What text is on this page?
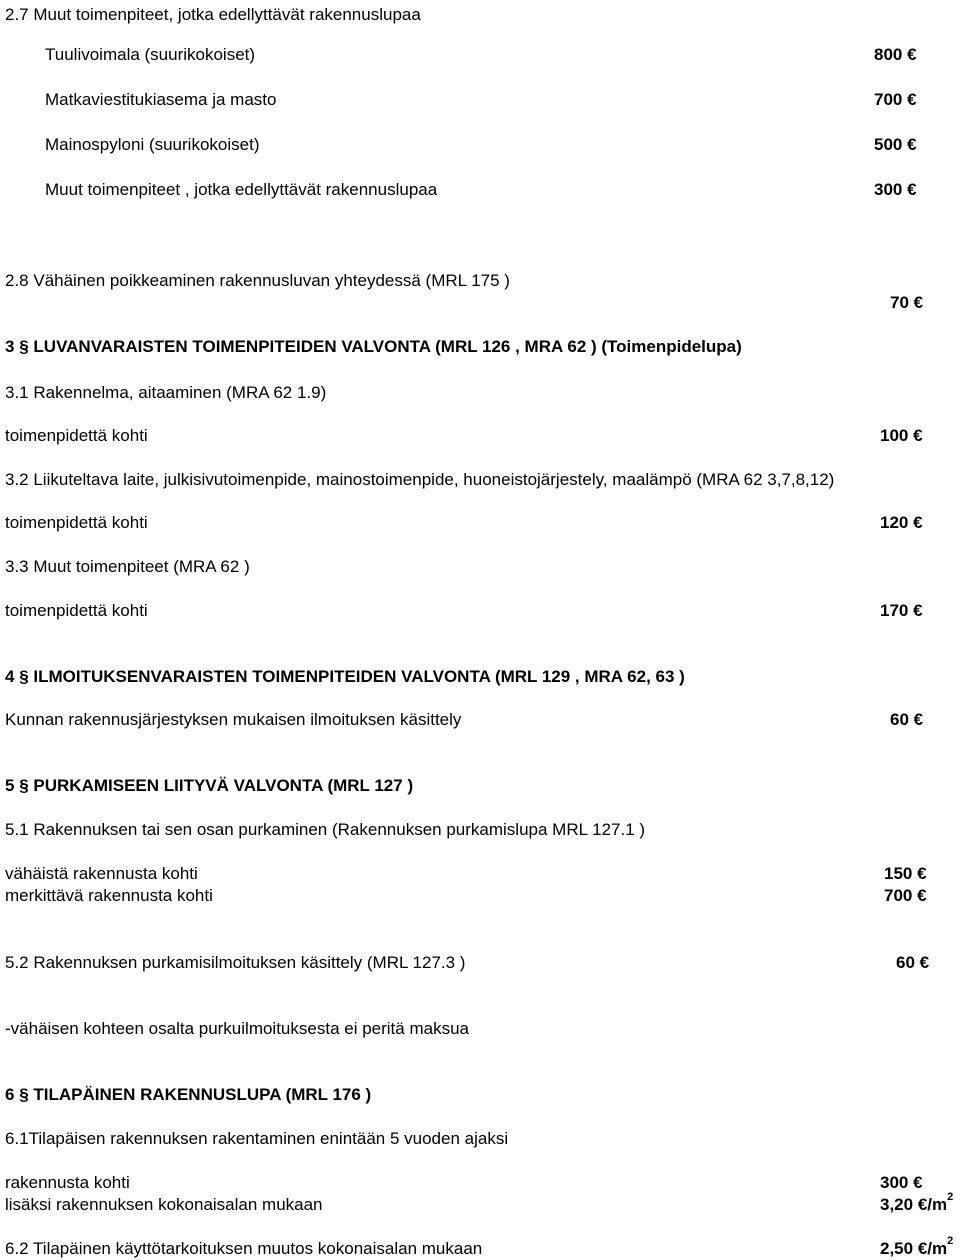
2.7 Muut toimenpiteet, jotka edellyttävät rakennuslupaa
Tuulivoimala (suurikokoiset)	800 €
Matkaviestitukiasema ja masto	700 €
Mainospyloni (suurikokoiset)	500 €
Muut toimenpiteet , jotka edellyttävät rakennuslupaa	300 €
2.8 Vähäinen poikkeaminen rakennusluvan yhteydessä (MRL 175 )
70 €
3 § LUVANVARAISTEN TOIMENPITEIDEN VALVONTA (MRL 126 , MRA 62 ) (Toimenpidelupa)
3.1 Rakennelma, aitaaminen (MRA 62 1.9)
toimenpidettä kohti	100 €
3.2 Liikuteltava laite, julkisivutoimenpide, mainostoimenpide, huoneistojärjestely, maalämpö (MRA 62 3,7,8,12)
toimenpidettä kohti	120 €
3.3 Muut toimenpiteet (MRA 62 )
toimenpidettä kohti	170 €
4 § ILMOITUKSENVARAISTEN TOIMENPITEIDEN VALVONTA (MRL 129 , MRA 62, 63 )
Kunnan rakennusjärjestyksen mukaisen ilmoituksen käsittely	60 €
5 § PURKAMISEEN LIITYVÄ VALVONTA (MRL 127 )
5.1 Rakennuksen tai sen osan purkaminen (Rakennuksen purkamislupa MRL 127.1 )
vähäistä rakennusta kohti	150 €
merkittävä rakennusta kohti	700 €
5.2 Rakennuksen purkamisilmoituksen käsittely (MRL 127.3 )	60 €
-vähäisen kohteen osalta purkuilmoituksesta ei peritä maksua
6 § TILAPÄINEN RAKENNUSLUPA (MRL 176 )
6.1Tilapäisen rakennuksen rakentaminen enintään 5 vuoden ajaksi
rakennusta kohti	300 €
lisäksi rakennuksen kokonaisalan mukaan	3,20 $€/m^2$
6.2 Tilapäinen käyttötarkoituksen muutos kokonaisalan mukaan	2,50 $€/m^2$
